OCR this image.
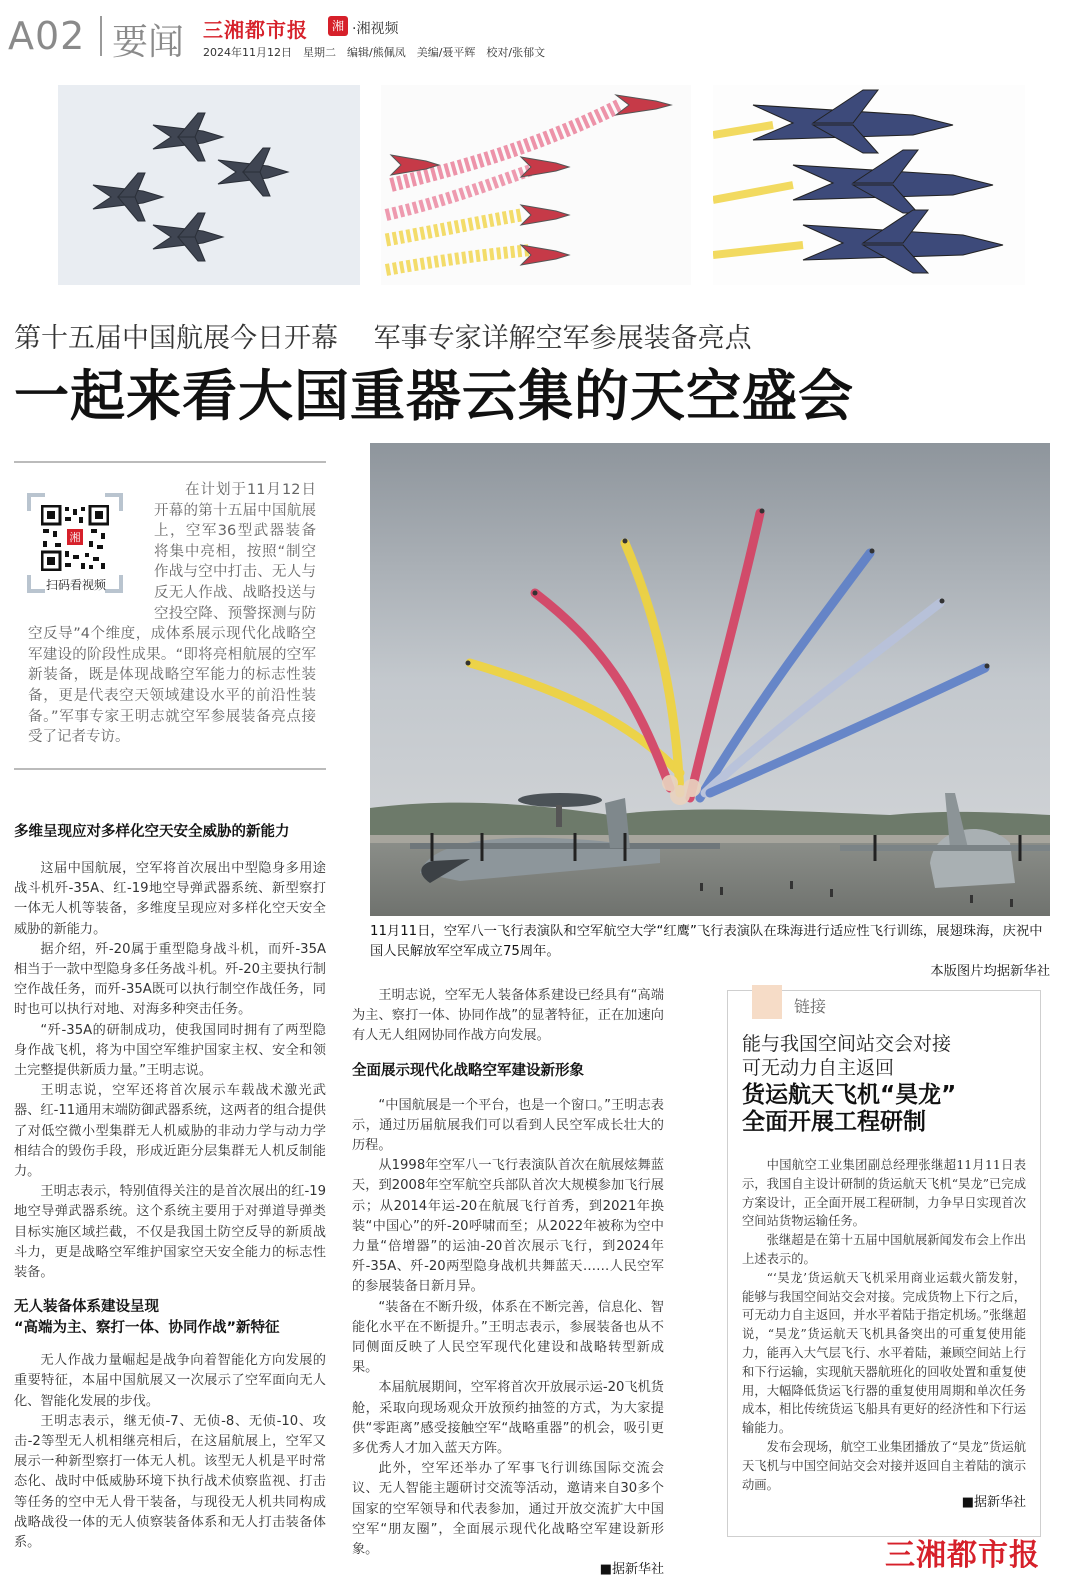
A02 要闻 三湘都市报	湘 ·湘视频
2024年11月12日　星期二　编辑/熊佩凤　美编/聂平辉　校对/张郁文
第十五届中国航展今日开幕　 军事专家详解空军参展装备亮点
一起来看大国重器云集的天空盛会
湘
扫码看视频
在计划于11月12日开幕的第十五届中国航展上，空军36型武器装备将集中亮相，按照“制空作战与空中打击、无人与反无人作战、战略投送与空投空降、预警探测与防空反导”4个维度，成体系展示现代化战略空军建设的阶段性成果。“即将亮相航展的空军新装备，既是体现战略空军能力的标志性装备，更是代表空天领域建设水平的前沿性装备。”军事专家王明志就空军参展装备亮点接受了记者专访。
11月11日，空军八一飞行表演队和空军航空大学“红鹰”飞行表演队在珠海进行适应性飞行训练，展翅珠海，庆祝中国人民解放军空军成立75周年。
本版图片均据新华社
多维呈现应对多样化空天安全威胁的新能力

这届中国航展，空军将首次展出中型隐身多用途战斗机歼-35A、红-19地空导弹武器系统、新型察打一体无人机等装备，多维度呈现应对多样化空天安全威胁的新能力。

据介绍，歼-20属于重型隐身战斗机，而歼-35A相当于一款中型隐身多任务战斗机。歼-20主要执行制空作战任务，而歼-35A既可以执行制空作战任务，同时也可以执行对地、对海多种突击任务。

“歼-35A的研制成功，使我国同时拥有了两型隐身作战飞机，将为中国空军维护国家主权、安全和领土完整提供新质力量。”王明志说。

王明志说，空军还将首次展示车载战术激光武器、红-11通用末端防御武器系统，这两者的组合提供了对低空微小型集群无人机威胁的非动力学与动力学相结合的毁伤手段，形成近距分层集群无人机反制能力。

王明志表示，特别值得关注的是首次展出的红-19地空导弹武器系统。这个系统主要用于对弹道导弹类目标实施区域拦截，不仅是我国土防空反导的新质战斗力，更是战略空军维护国家空天安全能力的标志性装备。

无人装备体系建设呈现
“高端为主、察打一体、协同作战”新特征

无人作战力量崛起是战争向着智能化方向发展的重要特征，本届中国航展又一次展示了空军面向无人化、智能化发展的步伐。

王明志表示，继无侦-7、无侦-8、无侦-10、攻击-2等型无人机相继亮相后，在这届航展上，空军又展示一种新型察打一体无人机。该型无人机是平时常态化、战时中低威胁环境下执行战术侦察监视、打击等任务的空中无人骨干装备，与现役无人机共同构成战略战役一体的无人侦察装备体系和无人打击装备体系。

王明志说，空军无人装备体系建设已经具有“高端为主、察打一体、协同作战”的显著特征，正在加速向有人无人组网协同作战方向发展。

全面展示现代化战略空军建设新形象

“中国航展是一个平台，也是一个窗口。”王明志表示，通过历届航展我们可以看到人民空军成长壮大的历程。

从1998年空军八一飞行表演队首次在航展炫舞蓝天，到2008年空军航空兵部队首次大规模参加飞行展示；从2014年运-20在航展飞行首秀，到2021年换装“中国心”的歼-20呼啸而至；从2022年被称为空中力量“倍增器”的运油-20首次展示飞行，到2024年歼-35A、歼-20两型隐身战机共舞蓝天……人民空军的参展装备日新月异。

“装备在不断升级，体系在不断完善，信息化、智能化水平在不断提升。”王明志表示，参展装备也从不同侧面反映了人民空军现代化建设和战略转型新成果。

本届航展期间，空军将首次开放展示运-20飞机货舱，采取向现场观众开放预约抽签的方式，为大家提供“零距离”感受接触空军“战略重器”的机会，吸引更多优秀人才加入蓝天方阵。

此外，空军还举办了军事飞行训练国际交流会议、无人智能主题研讨交流等活动，邀请来自30多个国家的空军领导和代表参加，通过开放交流扩大中国空军“朋友圈”，全面展示现代化战略空军建设新形象。

■据新华社
链接
能与我国空间站交会对接
可无动力自主返回
货运航天飞机“昊龙”
全面开展工程研制

中国航空工业集团副总经理张继超11月11日表示，我国自主设计研制的货运航天飞机“昊龙”已完成方案设计，正全面开展工程研制，力争早日实现首次空间站货物运输任务。

张继超是在第十五届中国航展新闻发布会上作出上述表示的。

“‘昊龙’货运航天飞机采用商业运载火箭发射，能够与我国空间站交会对接。完成货物上下行之后，可无动力自主返回，并水平着陆于指定机场。”张继超说，“昊龙”货运航天飞机具备突出的可重复使用能力，能再入大气层飞行、水平着陆，兼顾空间站上行和下行运输，实现航天器航班化的回收处置和重复使用，大幅降低货运飞行器的重复使用周期和单次任务成本，相比传统货运飞船具有更好的经济性和下行运输能力。

发布会现场，航空工业集团播放了“昊龙”货运航天飞机与中国空间站交会对接并返回自主着陆的演示动画。

■据新华社
三湘都市报
